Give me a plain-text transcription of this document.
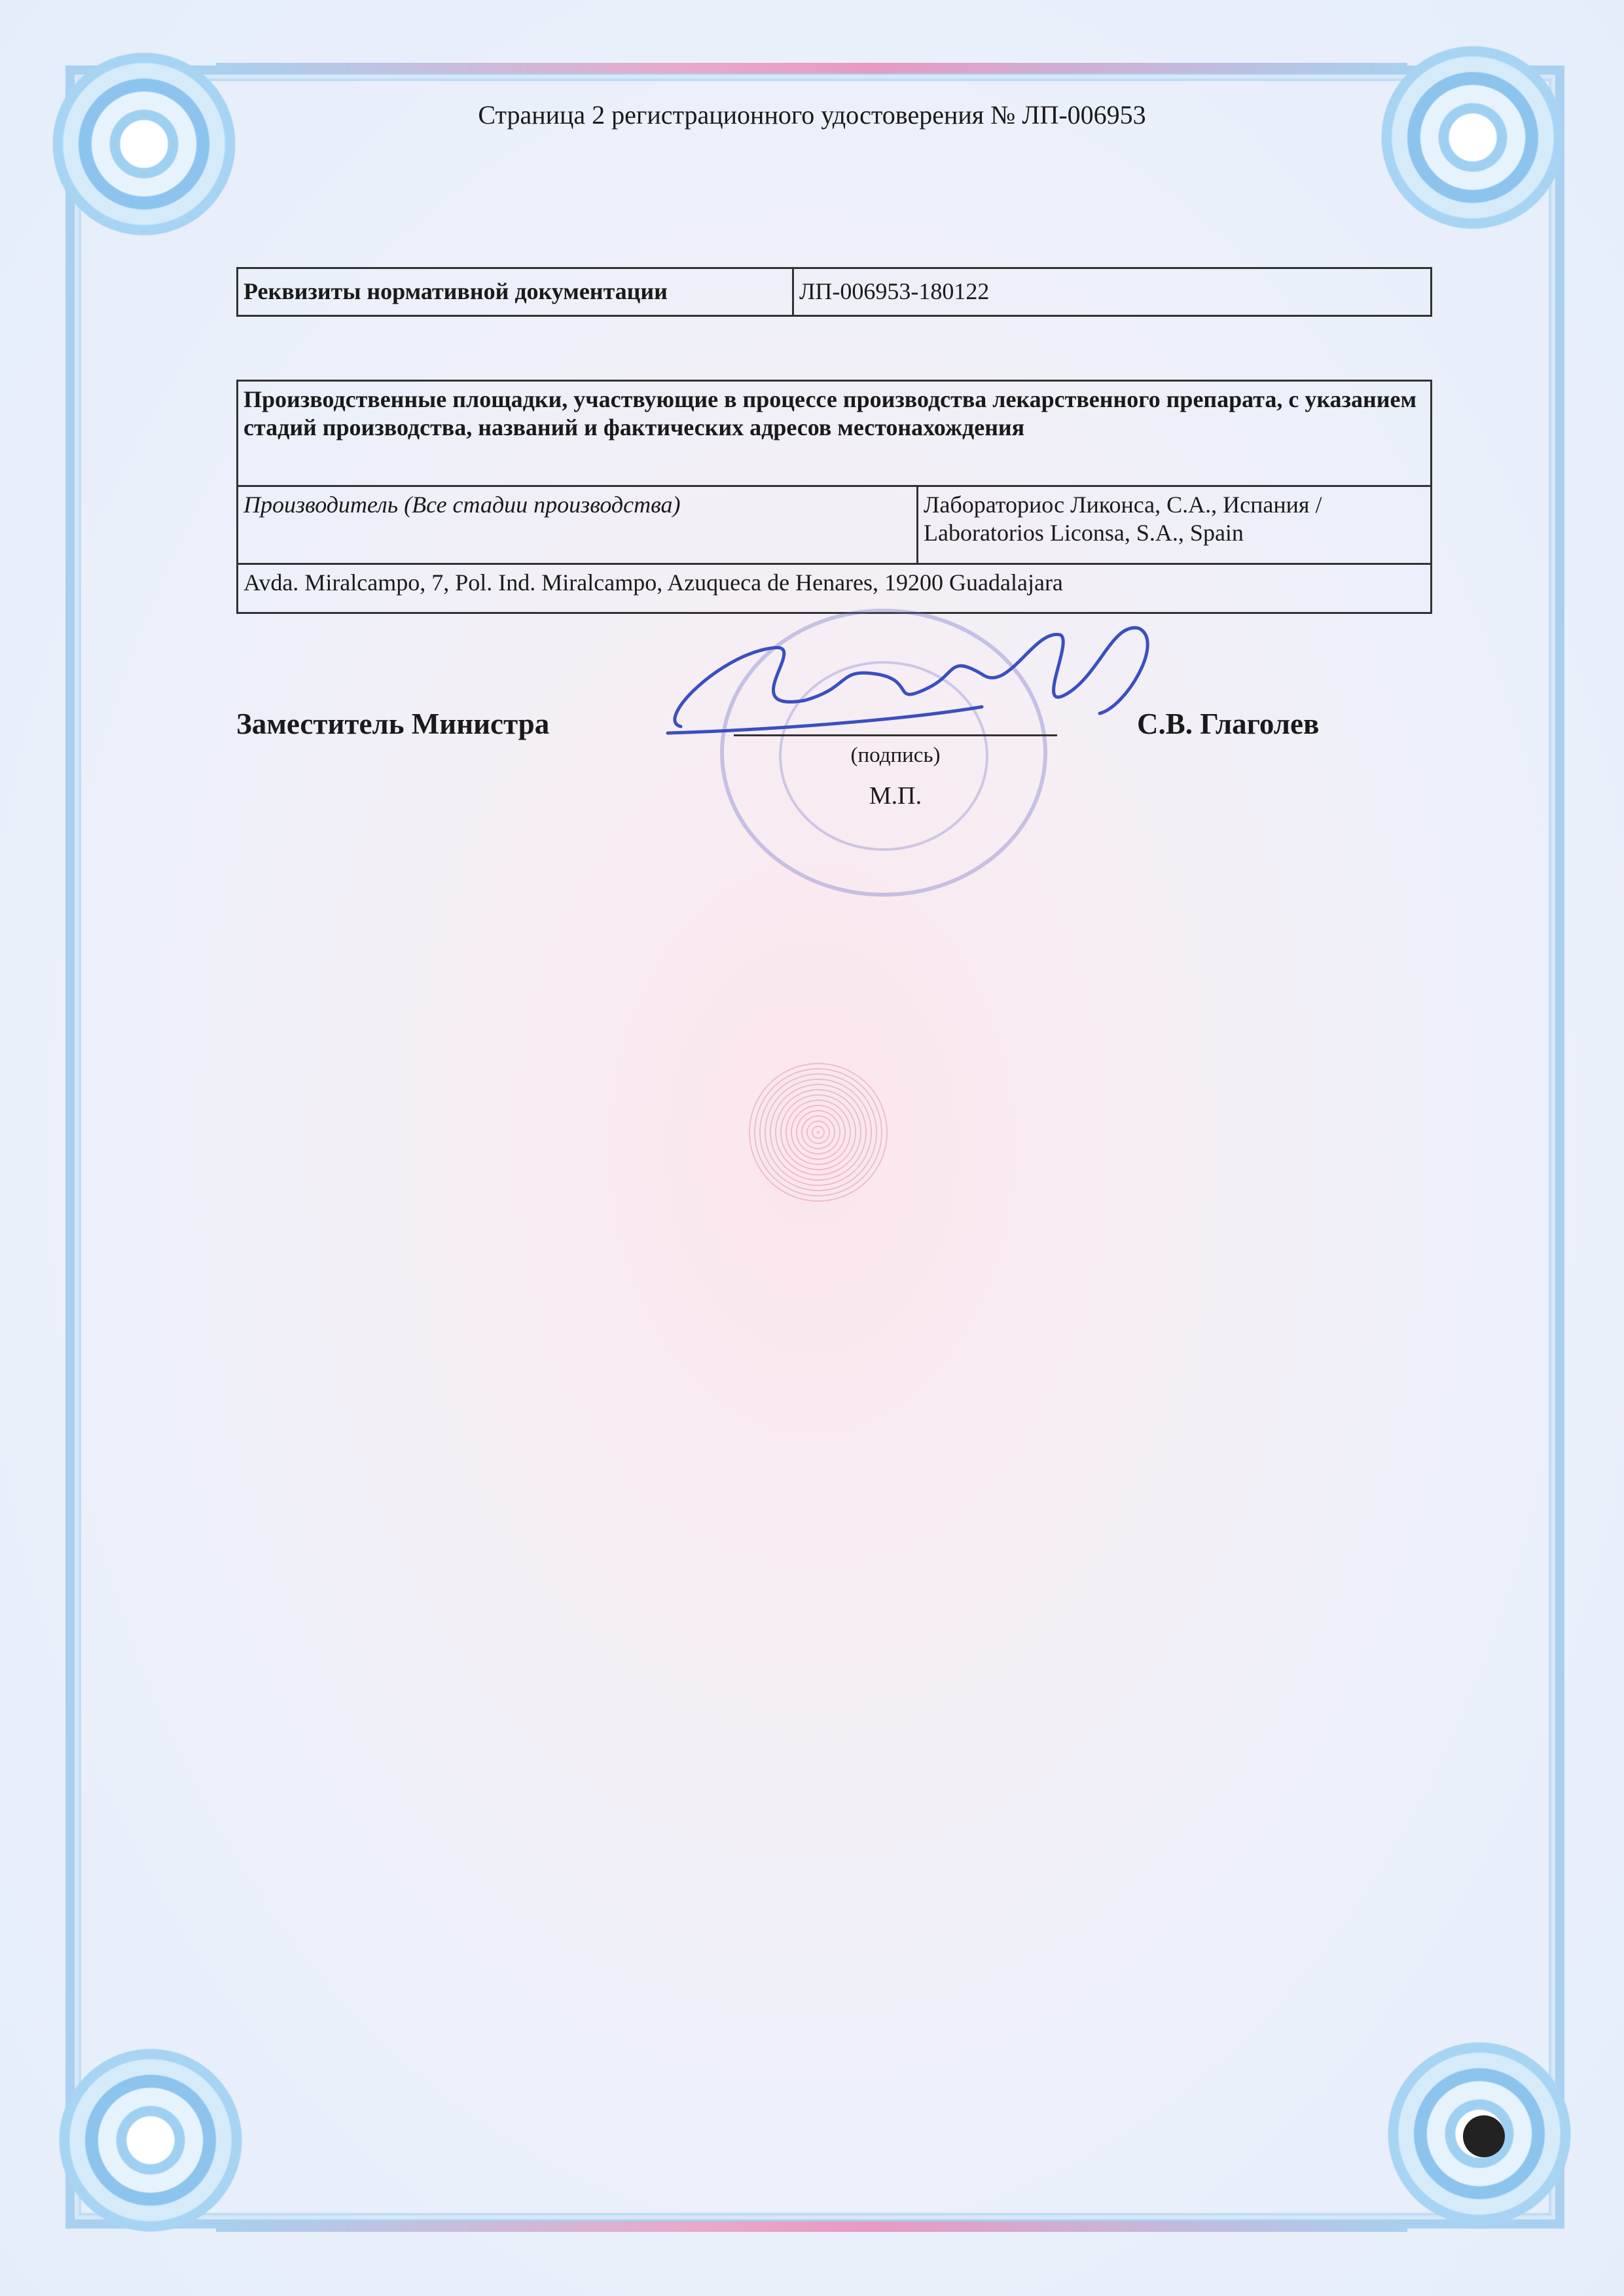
Страница 2 регистрационного удостоверения № ЛП-006953
Реквизиты нормативной документации	ЛП-006953-180122
Производственные площадки, участвующие в процессе производства лекарственного препарата, с указанием стадий производства, названий и фактических адресов местонахождения
Производитель (Все стадии производства)	Лабораториос Ликонса, С.А., Испания /
Laboratorios Liconsa, S.A., Spain

Avda. Miralcampo, 7, Pol. Ind. Miralcampo, Azuqueca de Henares, 19200 Guadalajara
Заместитель Министра
(подпись)
М.П.
С.В. Глаголев
